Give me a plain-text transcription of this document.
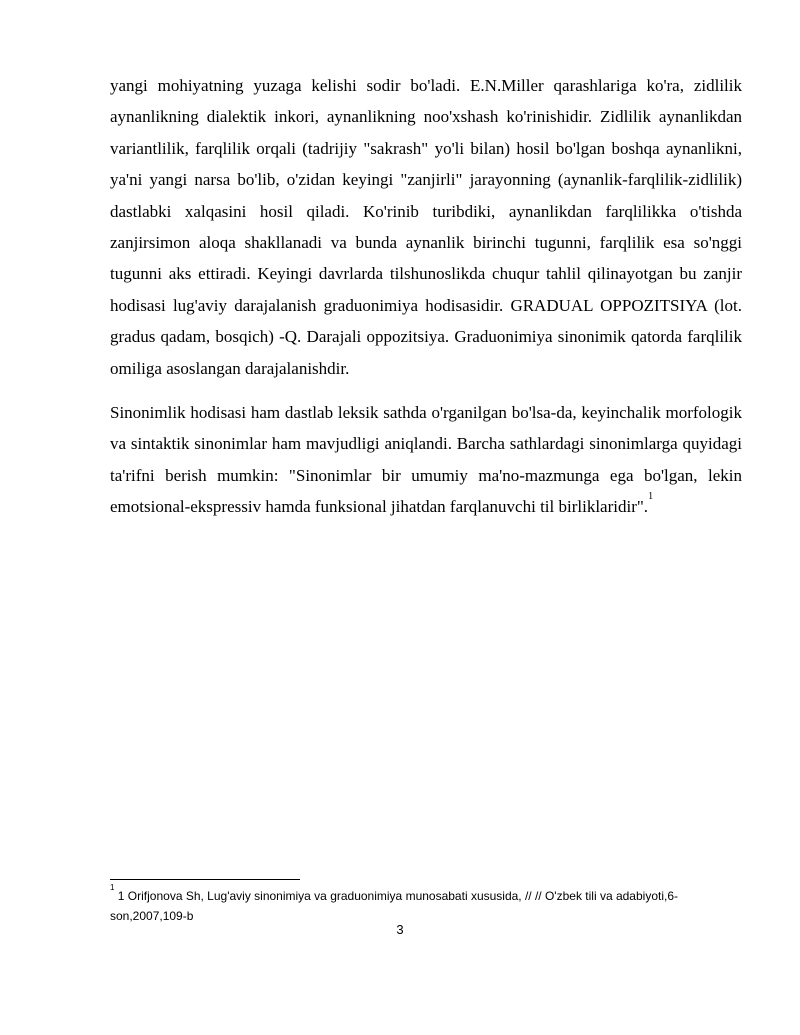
yangi mohiyatning yuzaga kelishi sodir bo'ladi. E.N.Miller qarashlariga ko'ra, zidlilik aynanlikning dialektik inkori, aynanlikning noo'xshash ko'rinishidir. Zidlilik aynanlikdan variantlilik, farqlilik orqali (tadrijiy "sakrash" yo'li bilan) hosil bo'lgan boshqa aynanlikni, ya'ni yangi narsa bo'lib, o'zidan keyingi "zanjirli" jarayonning (aynanlik-farqlilik-zidlilik) dastlabki xalqasini hosil qiladi. Ko'rinib turibdiki, aynanlikdan farqlilikka o'tishda zanjirsimon aloqa shakllanadi va bunda aynanlik birinchi tugunni, farqlilik esa so'nggi tugunni aks ettiradi. Keyingi davrlarda tilshunoslikda chuqur tahlil qilinayotgan bu zanjir hodisasi lug'aviy darajalanish graduonimiya hodisasidir. GRADUAL OPPOZITSIYA (lot. gradus qadam, bosqich) -Q. Darajali oppozitsiya. Graduonimiya sinonimik qatorda farqlilik omiliga asoslangan darajalanishdir.

Sinonimlik hodisasi ham dastlab leksik sathda o'rganilgan bo'lsa-da, keyinchalik morfologik va sintaktik sinonimlar ham mavjudligi aniqlandi. Barcha sathlardagi sinonimlarga quyidagi ta'rifni berish mumkin: "Sinonimlar bir umumiy ma'no-mazmunga ega bo'lgan, lekin emotsional-ekspressiv hamda funksional jihatdan farqlanuvchi til birliklaridir".$^1$

$^1$ 1 Orifjonova Sh, Lug'aviy sinonimiya va graduonimiya munosabati xususida, // // O'zbek tili va adabiyoti,6-son,2007,109-b
3
